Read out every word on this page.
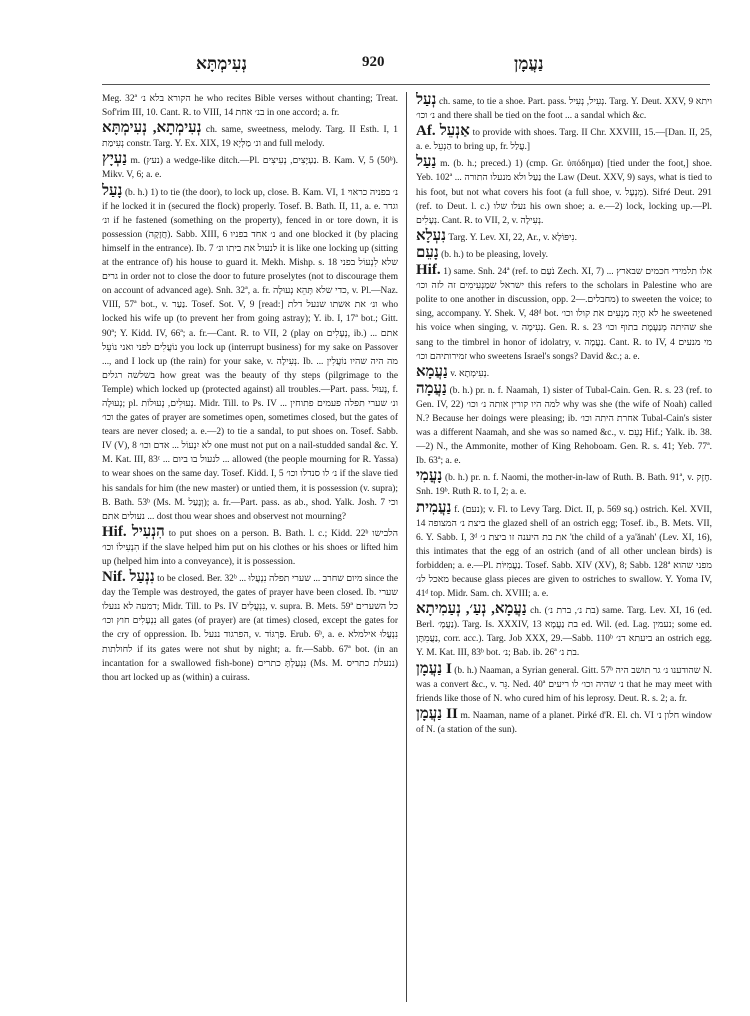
נְעִימְתָּא	920	נַעֲמָן

Meg. 32ª הקורא בלא נ׳ he who recites Bible verses without chanting; Treat. Sof'rim III, 10. Cant. R. to VIII, 14 בנ׳ אחת in one accord; a. fr.

נְעִימְתָא, נְעִימְתָּא ch. same, sweetness, melody. Targ. II Esth. I, 1 נְעִימַת constr. Targ. Y. Ex. XIX, 19 ונ׳ מַלְּיָא and full melody.

נַעְיָץ m. (נעץ) a wedge-like ditch.—Pl. נַעְיָצִים, נְעִיצִים. B. Kam. V, 5 (50ᵇ). Mikv. V, 6; a. e.

נָעַל (b. h.) 1) to tie (the door), to lock up, close. B. Kam. VI, 1 נ׳ בפניה כראוי if he locked it in (secured the flock) properly. Tosef. B. Bath. II, 11, a. e. וגדר ונ׳ if he fastened (something on the property), fenced in or tore down, it is possession (חֲזָקָה). Sabb. XIII, 6 נ׳ אחד בפניו and one blocked it (by placing himself in the entrance). Ib. 7 לנעול את ביתו ונ׳ it is like one locking up (sitting at the entrance of) his house to guard it. Mekh. Mishp. s. 18 שלא לִנְעוֹל בפני גרים in order not to close the door to future proselytes (not to discourage them on account of advanced age). Snh. 32ª, a. fr. כדי שלא תְּהֵא נְעוּלָה, v. Pl.—Naz. VIII, 57ª bot., v. נַעַר. Tosef. Sot. V, 9 [read:] ונ׳ את אשתו שנעל דלת who locked his wife up (to prevent her from going astray); Y. ib. I, 17ª bot.; Gitt. 90ª; Y. Kidd. IV, 66ª; a. fr.—Cant. R. to VII, 2 (play on נְעָלִים, ib.) ... אתם נוֹעֲלִים לפני ואני נוֹעֵל you lock up (interrupt business) for my sake on Passover ..., and I lock up (the rain) for your sake, v. נְעִילָה. Ib. ... מה היה שהיו נוֹעֲלִין בשלשה רגלים how great was the beauty of thy steps (pilgrimage to the Temple) which locked up (protected against) all troubles.—Part. pass. נָעוּל, f. נְעוּלָה; pl. נְעוּלִים, נְעוּלוֹת. Midr. Till. to Ps. IV ... ונ׳ שערי תפלה פעמים פתוחין וכו׳ the gates of prayer are sometimes open, sometimes closed, but the gates of tears are never closed; a. e.—2) to tie a sandal, to put shoes on. Tosef. Sabb. IV (V), 8 לא יִנְעוֹל ... אדם וכו׳ one must not put on a nail-studded sandal &c. Y. M. Kat. III, 83ᶜ ... לנעול בו ביום ... allowed (the people mourning for R. Yassa) to wear shoes on the same day. Tosef. Kidd. I, 5 נ׳ לו סנדלו וכו׳ if the slave tied his sandals for him (the new master) or untied them, it is possession (v. supra); B. Bath. 53ᵇ (Ms. M. וְנָעַל); a. fr.—Part. pass. as ab., shod. Yalk. Josh. 7 וכי נעולים אתם ... dost thou wear shoes and observest not mourning?

Hif. הִנְעִיל to put shoes on a person. B. Bath. l. c.; Kidd. 22ᵇ הלבישו הִנְעִילוֹ וכו׳ if the slave helped him put on his clothes or his shoes or lifted him up (helped him into a conveyance), it is possession.

Nif. נִנְעַל to be closed. Ber. 32ᵇ ... מיום שחרב ... שערי תפלה נִנְעֲלוּ since the day the Temple was destroyed, the gates of prayer have been closed. Ib. שערי דמעה לא ננעלו; Midr. Till. to Ps. IV נִנְעֲלִים, v. supra. B. Mets. 59ª כל השערים נִנְעָלִים חוץ וכו׳ all gates (of prayer) are (at times) closed, except the gates for the cry of oppression. Ib. הפרגוד ננעל, v. פַּרְגּוֹד. Erub. 6ᵇ, a. e. נִנְעֲלוּ אילמלא לחולתות if its gates were not shut by night; a. fr.—Sabb. 67ª bot. (in an incantation for a swallowed fish-bone) נִנְעַלְתָּ כתרים (Ms. M. ננעלת כתריס) thou art locked up as (within) a cuirass.

נְעַל ch. same, to tie a shoe. Part. pass. נְעִיל, נְעִיל. Targ. Y. Deut. XXV, 9 ויתא נ׳ וכו׳ and there shall be tied on the foot ... a sandal which &c.

Af. אַנְעֵל to provide with shoes. Targ. II Chr. XXVIII, 15.—[Dan. II, 25, a. e. הַנְעֵל to bring up, fr. עֲלַל.]

נַעַל m. (b. h.; preced.) 1) (cmp. Gr. ὑπόδημα) [tied under the foot,] shoe. Yeb. 102ª ... נַעַל ולא מנעלו התורה the Law (Deut. XXV, 9) says, what is tied to his foot, but not what covers his foot (a full shoe, v. מִנְעָל). Sifré Deut. 291 (ref. to Deut. l. c.) נעלו שלו his own shoe; a. e.—2) lock, locking up.—Pl. נְעָלִים. Cant. R. to VII, 2, v. נְעִילָה.

נִעְלָא Targ. Y. Lev. XI, 22, Ar., v. נִיפּוֹלָא.

נָעֵם (b. h.) to be pleasing, lovely.

Hif. 1) same. Snh. 24ª (ref. to נֹעַם Zech. XI, 7) ... אלו תלמידי חכמים שבארץ ישראל שמַנְעִימִים זה לזה וכו׳ this refers to the scholars in Palestine who are polite to one another in discussion, opp. מחבלים.—2) to sweeten the voice; to sing, accompany. Y. Shek. V, 48ᵈ bot. לא הָיָה מַנְעִים את קולו וכו׳ he sweetened his voice when singing, v. נְעִימָה. Gen. R. s. 23 שהיתה מְנַעֶמֶת בתוף וכו׳ she sang to the timbrel in honor of idolatry, v. נַעֲמָה. Cant. R. to IV, 4 מי מנעים זמירותיהם וכו׳ who sweetens Israel's songs? David &c.; a. e.

נַעֲמָא v. נְעִימְתָא.

נַעֲמָה (b. h.) pr. n. f. Naamah, 1) sister of Tubal-Cain. Gen. R. s. 23 (ref. to Gen. IV, 22) למה היו קורין אותה נ׳ וכו׳ why was she (the wife of Noah) called N.? Because her doings were pleasing; ib. אחרת היתה וכו׳ Tubal-Cain's sister was a different Naamah, and she was so named &c., v. נָעֵם Hif.; Yalk. ib. 38.—2) N., the Ammonite, mother of King Rehoboam. Gen. R. s. 41; Yeb. 77ª. Ib. 63ª; a. e.

נָעֳמִי (b. h.) pr. n. f. Naomi, the mother-in-law of Ruth. B. Bath. 91ª, v. חֶזֶק. Snh. 19ᵇ. Ruth R. to I, 2; a. e.

נַעֲמִית f. (נעם); v. Fl. to Levy Targ. Dict. II, p. 569 sq.) ostrich. Kel. XVII, 14 ביצת נ׳ המצופה the glazed shell of an ostrich egg; Tosef. ib., B. Mets. VII, 6. Y. Sabb. I, 3ᵈ את בת היענה זו ביצת נ׳ 'the child of a ya'ănah' (Lev. XI, 16), this intimates that the egg of an ostrich (and of all other unclean birds) is forbidden; a. e.—Pl. נַעֲמִיּוֹת. Tosef. Sabb. XIV (XV), 8; Sabb. 128ª מפני שהוא מאכל לנ׳ because glass pieces are given to ostriches to swallow. Y. Yoma IV, 41ᵈ top. Midr. Sam. ch. XVIII; a. e.

נַעֲמָא, נְעַ׳, נְעַמִיתָא ch. (בת נ׳, ברת נ׳) same. Targ. Lev. XI, 16 (ed. Berl. נַעֲמָ׳). Targ. Is. XXXIV, 13 בת נַעֲמָא ed. Wil. (ed. Lag. נעמין; some ed. נַעֲמִתָּן, corr. acc.). Targ. Job XXX, 29.—Sabb. 110ᵇ ביעתא דנ׳ an ostrich egg. Y. M. Kat. III, 83ᵇ bot. נ׳; Bab. ib. 26ª בת נ׳.

נַעֲמָן I (b. h.) Naaman, a Syrian general. Gitt. 57ᵇ שהודענו נ׳ גר תושב היה N. was a convert &c., v. גֵּר. Ned. 40ª נ׳ שהיה וכו׳ לו ריעים that he may meet with friends like those of N. who cured him of his leprosy. Deut. R. s. 2; a. fr.

נַעֲמָן II m. Naaman, name of a planet. Pirké d'R. El. ch. VI חלון נ׳ window of N. (a station of the sun).
